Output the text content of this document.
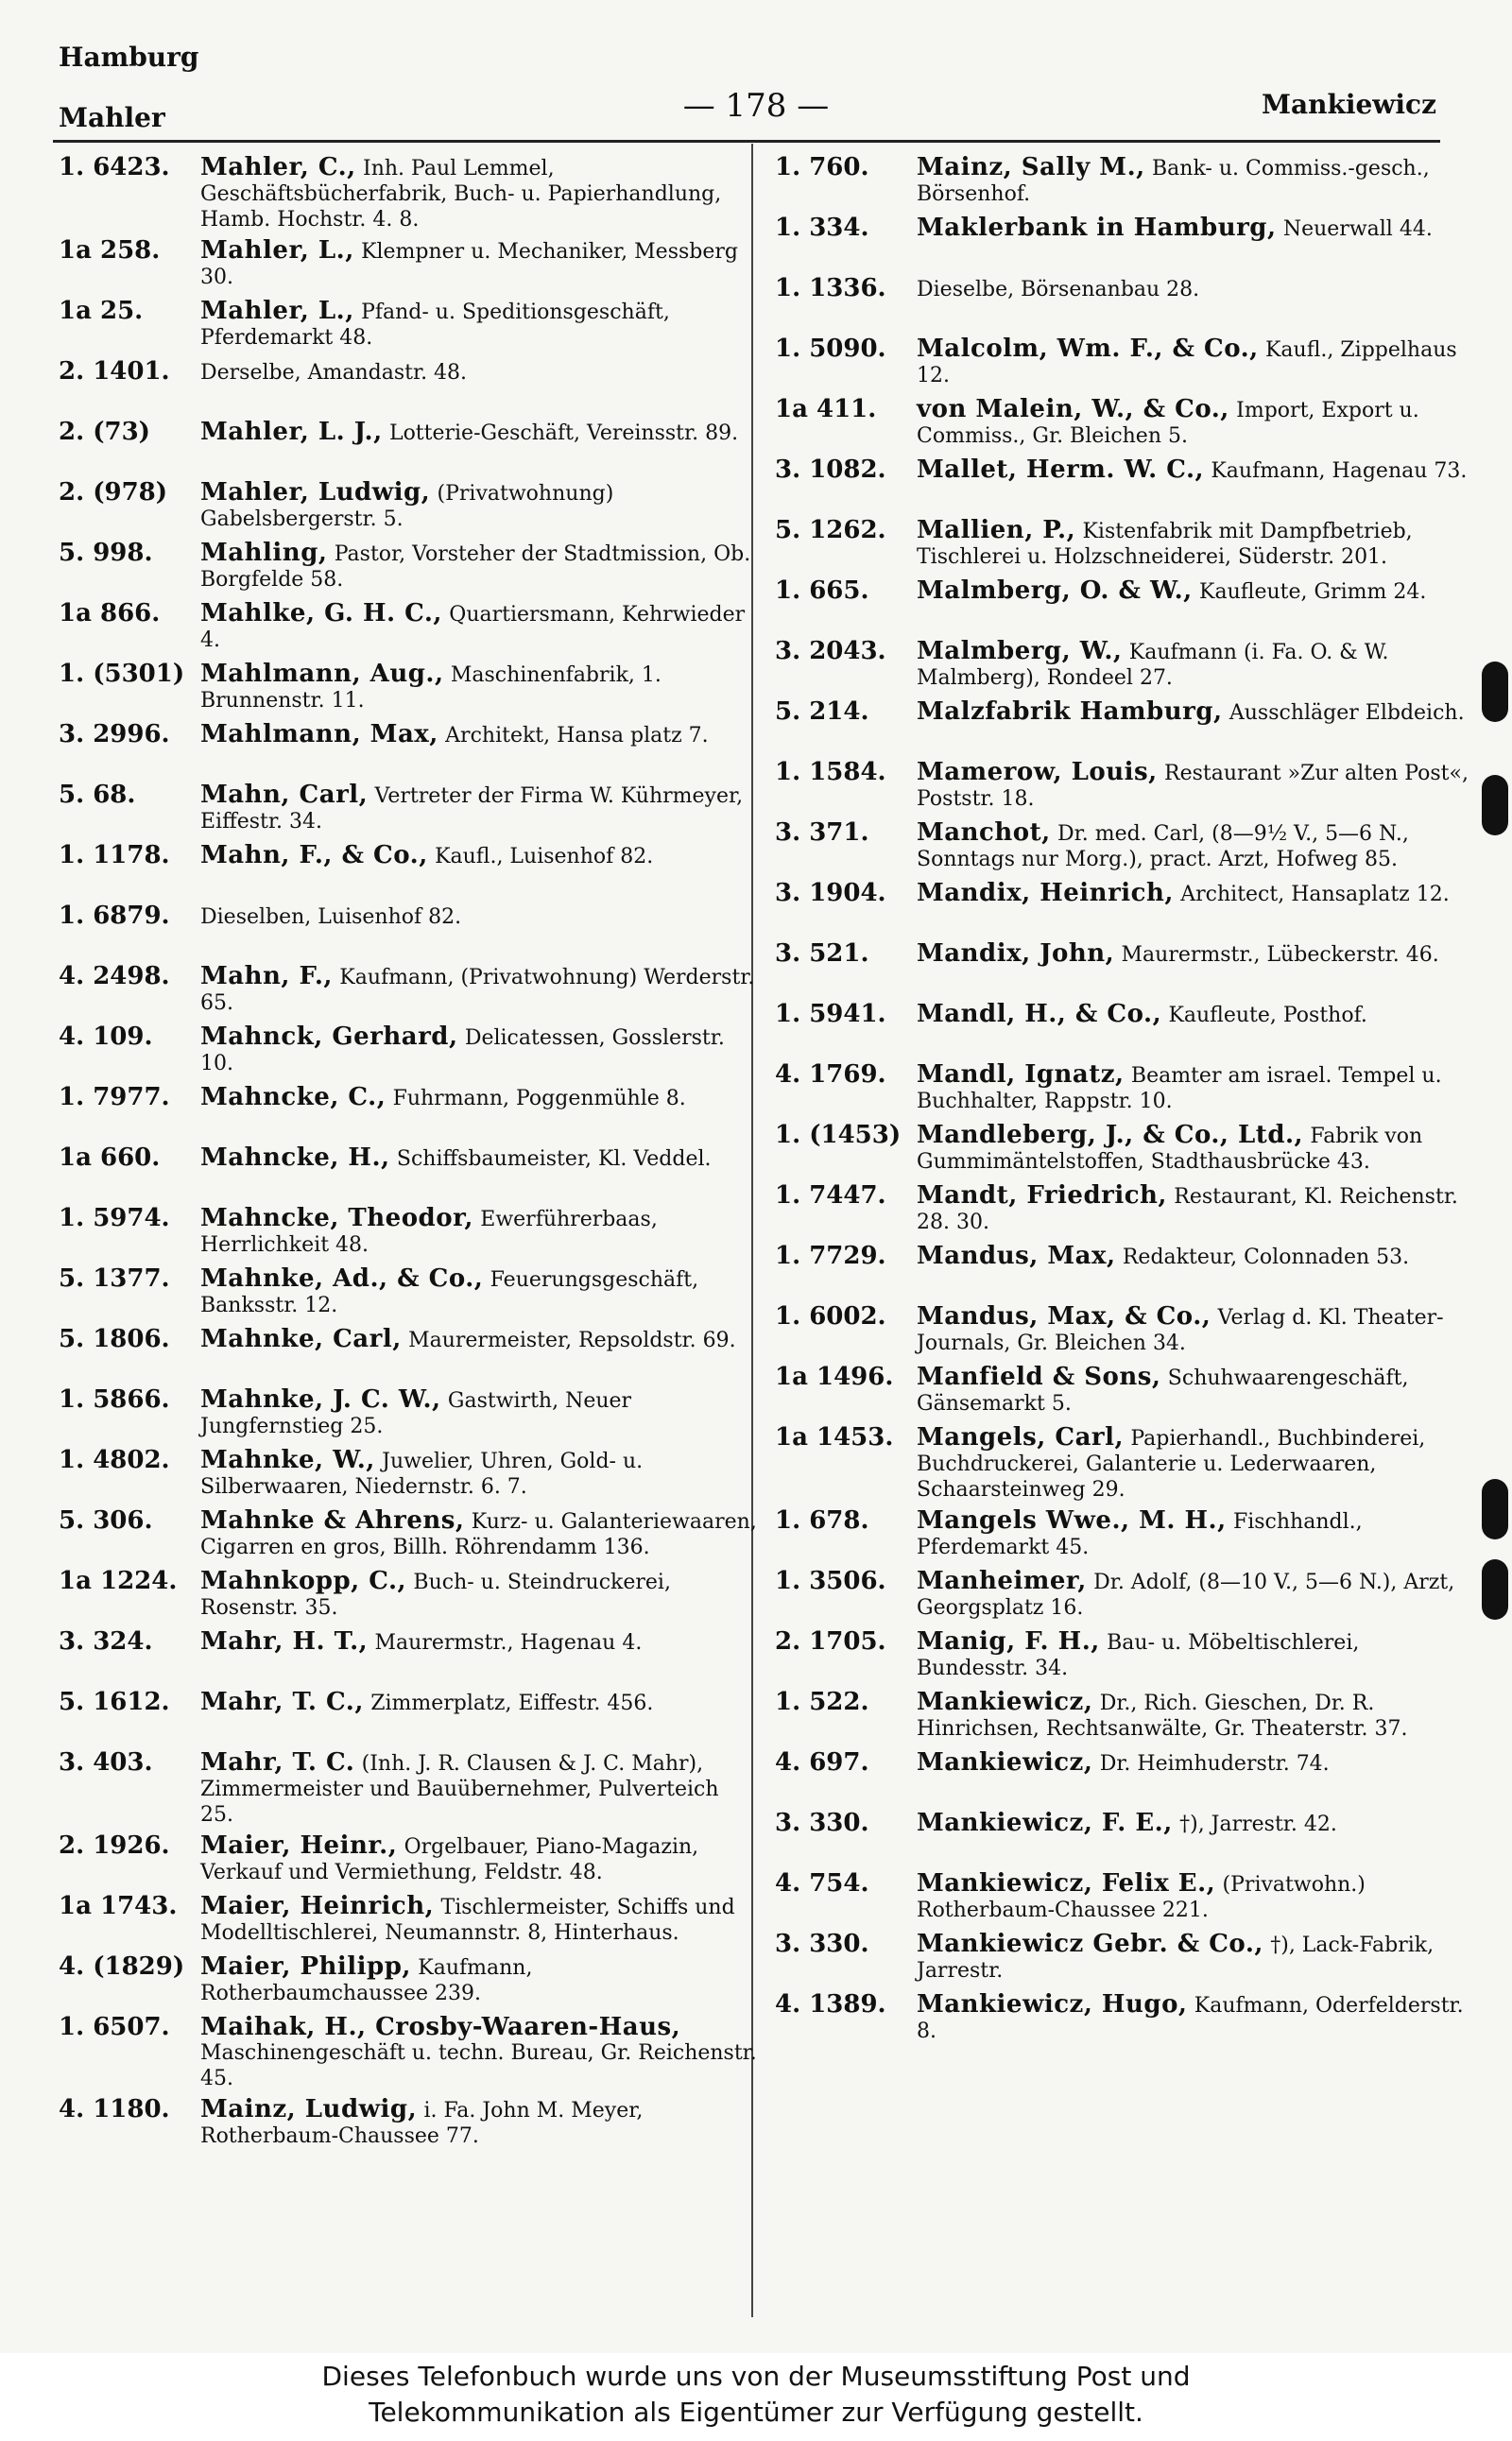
Hamburg
Mahler	— 178 —	Mankiewicz
1. 6423.	Mahler, C., Inh. Paul Lemmel, Geschäftsbücherfabrik, Buch- u. Papierhandlung, Hamb. Hochstr. 4. 8.
1a 258.	Mahler, L., Klempner u. Mechaniker, Messberg 30.
1a 25.	Mahler, L., Pfand- u. Speditionsgeschäft, Pferdemarkt 48.
2. 1401.	Derselbe, Amandastr. 48.
2. (73)	Mahler, L. J., Lotterie-Geschäft, Vereinsstr. 89.
2. (978)	Mahler, Ludwig, (Privatwohnung) Gabelsbergerstr. 5.
5. 998.	Mahling, Pastor, Vorsteher der Stadtmission, Ob. Borgfelde 58.
1a 866.	Mahlke, G. H. C., Quartiersmann, Kehrwieder 4.
1. (5301) Mahlmann, Aug., Maschinenfabrik, 1. Brunnenstr. 11.
3. 2996.	Mahlmann, Max, Architekt, Hansa platz 7.
5. 68.	Mahn, Carl, Vertreter der Firma W. Kührmeyer, Eiffestr. 34.
1. 1178.	Mahn, F., & Co., Kaufl., Luisenhof 82.
1. 6879.	Dieselben, Luisenhof 82.
4. 2498.	Mahn, F., Kaufmann, (Privatwohnung) Werderstr. 65.
4. 109.	Mahnck, Gerhard, Delicatessen, Gosslerstr. 10.
1. 7977.	Mahncke, C., Fuhrmann, Poggenmühle 8.
1a 660.	Mahncke, H., Schiffsbaumeister, Kl. Veddel.
1. 5974.	Mahncke, Theodor, Ewerführerbaas, Herrlichkeit 48.
5. 1377.	Mahnke, Ad., & Co., Feuerungsgeschäft, Banksstr. 12.
5. 1806.	Mahnke, Carl, Maurermeister, Repsoldstr. 69.
1. 5866.	Mahnke, J. C. W., Gastwirth, Neuer Jungfernstieg 25.
1. 4802.	Mahnke, W., Juwelier, Uhren, Gold- u. Silberwaaren, Niedernstr. 6. 7.
5. 306.	Mahnke & Ahrens, Kurz- u. Galanteriewaaren, Cigarren en gros, Billh. Röhrendamm 136.
1a 1224. Mahnkopp, C., Buch- u. Steindruckerei, Rosenstr. 35.
3. 324.	Mahr, H. T., Maurermstr., Hagenau 4.
5. 1612.	Mahr, T. C., Zimmerplatz, Eiffestr. 456.
3. 403.	Mahr, T. C. (Inh. J. R. Clausen & J. C. Mahr), Zimmermeister und Bauübernehmer, Pulverteich 25.
2. 1926.	Maier, Heinr., Orgelbauer, Piano-Magazin, Verkauf und Vermiethung, Feldstr. 48.
1a 1743. Maier, Heinrich, Tischlermeister, Schiffs und Modelltischlerei, Neumannstr. 8, Hinterhaus.
4. (1829) Maier, Philipp, Kaufmann, Rotherbaumchaussee 239.
1. 6507.	Maihak, H., Crosby-Waaren-Haus, Maschinengeschäft u. techn. Bureau, Gr. Reichenstr. 45.
4. 1180.	Mainz, Ludwig, i. Fa. John M. Meyer, Rotherbaum-Chaussee 77.
1. 760.	Mainz, Sally M., Bank- u. Commiss.-gesch., Börsenhof.
1. 334.	Maklerbank in Hamburg, Neuerwall 44.
1. 1336.	Dieselbe, Börsenanbau 28.
1. 5090.	Malcolm, Wm. F., & Co., Kaufl., Zippelhaus 12.
1a 411.	von Malein, W., & Co., Import, Export u. Commiss., Gr. Bleichen 5.
3. 1082.	Mallet, Herm. W. C., Kaufmann, Hagenau 73.
5. 1262.	Mallien, P., Kistenfabrik mit Dampfbetrieb, Tischlerei u. Holzschneiderei, Süderstr. 201.
1. 665.	Malmberg, O. & W., Kaufleute, Grimm 24.
3. 2043.	Malmberg, W., Kaufmann (i. Fa. O. & W. Malmberg), Rondeel 27.
5. 214.	Malzfabrik Hamburg, Ausschläger Elbdeich.
1. 1584.	Mamerow, Louis, Restaurant »Zur alten Post«, Poststr. 18.
3. 371.	Manchot, Dr. med. Carl, (8—9½ V., 5—6 N., Sonntags nur Morg.), pract. Arzt, Hofweg 85.
3. 1904.	Mandix, Heinrich, Architect, Hansaplatz 12.
3. 521.	Mandix, John, Maurermstr., Lübeckerstr. 46.
1. 5941.	Mandl, H., & Co., Kaufleute, Posthof.
4. 1769.	Mandl, Ignatz, Beamter am israel. Tempel u. Buchhalter, Rappstr. 10.
1. (1453) Mandleberg, J., & Co., Ltd., Fabrik von Gummimäntelstoffen, Stadthausbrücke 43.
1. 7447.	Mandt, Friedrich, Restaurant, Kl. Reichenstr. 28. 30.
1. 7729.	Mandus, Max, Redakteur, Colonnaden 53.
1. 6002.	Mandus, Max, & Co., Verlag d. Kl. Theater-Journals, Gr. Bleichen 34.
1a 1496. Manfield & Sons, Schuhwaarengeschäft, Gänsemarkt 5.
1a 1453. Mangels, Carl, Papierhandl., Buchbinderei, Buchdruckerei, Galanterie u. Lederwaaren, Schaarsteinweg 29.
1. 678.	Mangels Wwe., M. H., Fischhandl., Pferdemarkt 45.
1. 3506.	Manheimer, Dr. Adolf, (8—10 V., 5—6 N.), Arzt, Georgsplatz 16.
2. 1705.	Manig, F. H., Bau- u. Möbeltischlerei, Bundesstr. 34.
1. 522.	Mankiewicz, Dr., Rich. Gieschen, Dr. R. Hinrichsen, Rechtsanwälte, Gr. Theaterstr. 37.
4. 697.	Mankiewicz, Dr. Heimhuderstr. 74.
3. 330.	Mankiewicz, F. E., †), Jarrestr. 42.
4. 754.	Mankiewicz, Felix E., (Privatwohn.) Rotherbaum-Chaussee 221.
3. 330.	Mankiewicz Gebr. & Co., †), Lack-Fabrik, Jarrestr.
4. 1389.	Mankiewicz, Hugo, Kaufmann, Oderfelderstr. 8.
Dieses Telefonbuch wurde uns von der Museumsstiftung Post und
Telekommunikation als Eigentümer zur Verfügung gestellt.
